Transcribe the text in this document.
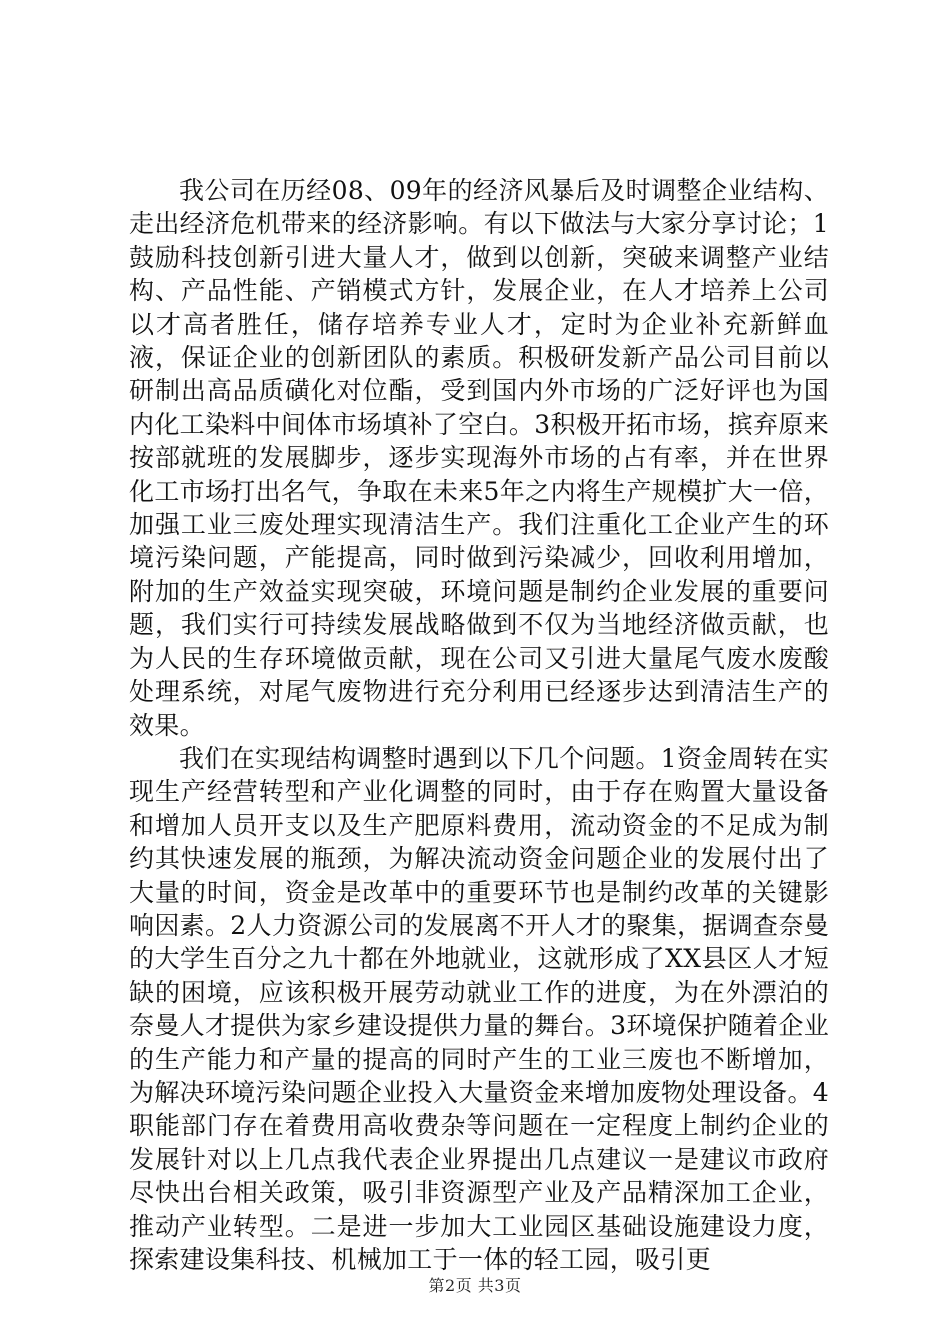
我公司在历经08、09年的经济风暴后及时调整企业结构、走出经济危机带来的经济影响。有以下做法与大家分享讨论；1鼓励科技创新引进大量人才，做到以创新，突破来调整产业结构、产品性能、产销模式方针，发展企业，在人才培养上公司以才高者胜任，储存培养专业人才，定时为企业补充新鲜血液，保证企业的创新团队的素质。积极研发新产品公司目前以研制出高品质磺化对位酯，受到国内外市场的广泛好评也为国内化工染料中间体市场填补了空白。3积极开拓市场，摈弃原来按部就班的发展脚步，逐步实现海外市场的占有率，并在世界化工市场打出名气，争取在未来5年之内将生产规模扩大一倍，加强工业三废处理实现清洁生产。我们注重化工企业产生的环境污染问题，产能提高，同时做到污染减少，回收利用增加，附加的生产效益实现突破，环境问题是制约企业发展的重要问题，我们实行可持续发展战略做到不仅为当地经济做贡献，也为人民的生存环境做贡献，现在公司又引进大量尾气废水废酸处理系统，对尾气废物进行充分利用已经逐步达到清洁生产的效果。

我们在实现结构调整时遇到以下几个问题。1资金周转在实现生产经营转型和产业化调整的同时，由于存在购置大量设备和增加人员开支以及生产肥原料费用，流动资金的不足成为制约其快速发展的瓶颈，为解决流动资金问题企业的发展付出了大量的时间，资金是改革中的重要环节也是制约改革的关键影响因素。2人力资源公司的发展离不开人才的聚集，据调查奈曼的大学生百分之九十都在外地就业，这就形成了XX县区人才短缺的困境，应该积极开展劳动就业工作的进度，为在外漂泊的奈曼人才提供为家乡建设提供力量的舞台。3环境保护随着企业的生产能力和产量的提高的同时产生的工业三废也不断增加，为解决环境污染问题企业投入大量资金来增加废物处理设备。4职能部门存在着费用高收费杂等问题在一定程度上制约企业的发展针对以上几点我代表企业界提出几点建议一是建议市政府尽快出台相关政策，吸引非资源型产业及产品精深加工企业，推动产业转型。二是进一步加大工业园区基础设施建设力度，探索建设集科技、机械加工于一体的轻工园，吸引更

第2页 共3页
